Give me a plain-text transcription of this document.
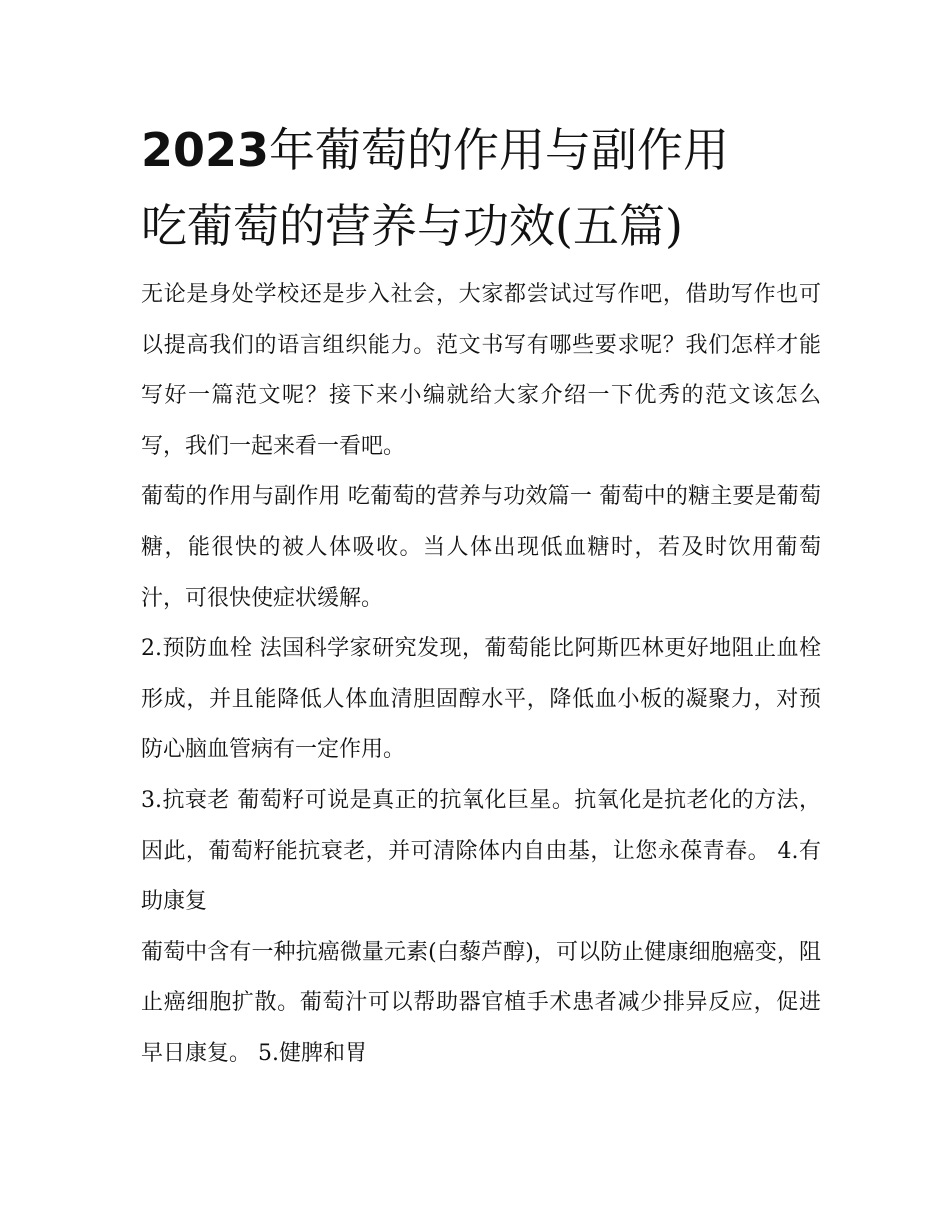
2023年葡萄的作用与副作用
吃葡萄的营养与功效(五篇)

无论是身处学校还是步入社会，大家都尝试过写作吧，借助写作也可以提高我们的语言组织能力。范文书写有哪些要求呢？我们怎样才能写好一篇范文呢？接下来小编就给大家介绍一下优秀的范文该怎么写，我们一起来看一看吧。

葡萄的作用与副作用 吃葡萄的营养与功效篇一 葡萄中的糖主要是葡萄糖，能很快的被人体吸收。当人体出现低血糖时，若及时饮用葡萄汁，可很快使症状缓解。

2.预防血栓 法国科学家研究发现，葡萄能比阿斯匹林更好地阻止血栓形成，并且能降低人体血清胆固醇水平，降低血小板的凝聚力，对预防心脑血管病有一定作用。

3.抗衰老 葡萄籽可说是真正的抗氧化巨星。抗氧化是抗老化的方法，因此，葡萄籽能抗衰老，并可清除体内自由基，让您永葆青春。 4.有助康复

葡萄中含有一种抗癌微量元素(白藜芦醇)，可以防止健康细胞癌变，阻止癌细胞扩散。葡萄汁可以帮助器官植手术患者减少排异反应，促进早日康复。 5.健脾和胃
